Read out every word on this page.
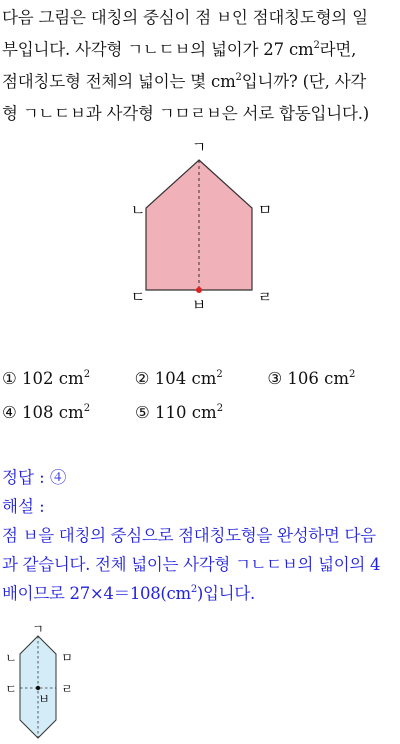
다음 그림은 대칭의 중심이 점 ㅂ인 점대칭도형의 일
부입니다. 사각형 ㄱㄴㄷㅂ의 넓이가 27 $cm^2$라면,
점대칭도형 전체의 넓이는 몇 $cm^2$입니까? (단, 사각
형 ㄱㄴㄷㅂ과 사각형 ㄱㅁㄹㅂ은 서로 합동입니다.)
ㄱ
ㄴ	ㅁ
ㄷ	ㄹ
ㅂ
① 102 $cm^2$	② 104 $cm^2$	③ 106 $cm^2$
④ 108 $cm^2$	⑤ 110 $cm^2$
정답 : ④
해설 :
점 ㅂ을 대칭의 중심으로 점대칭도형을 완성하면 다음
과 같습니다. 전체 넓이는 사각형 ㄱㄴㄷㅂ의 넓이의 4
배이므로 $27\times 4=108(cm^2)$입니다.
ㄱ
ㄴ	ㅁ
ㄷ	ㄹ
ㅂ
